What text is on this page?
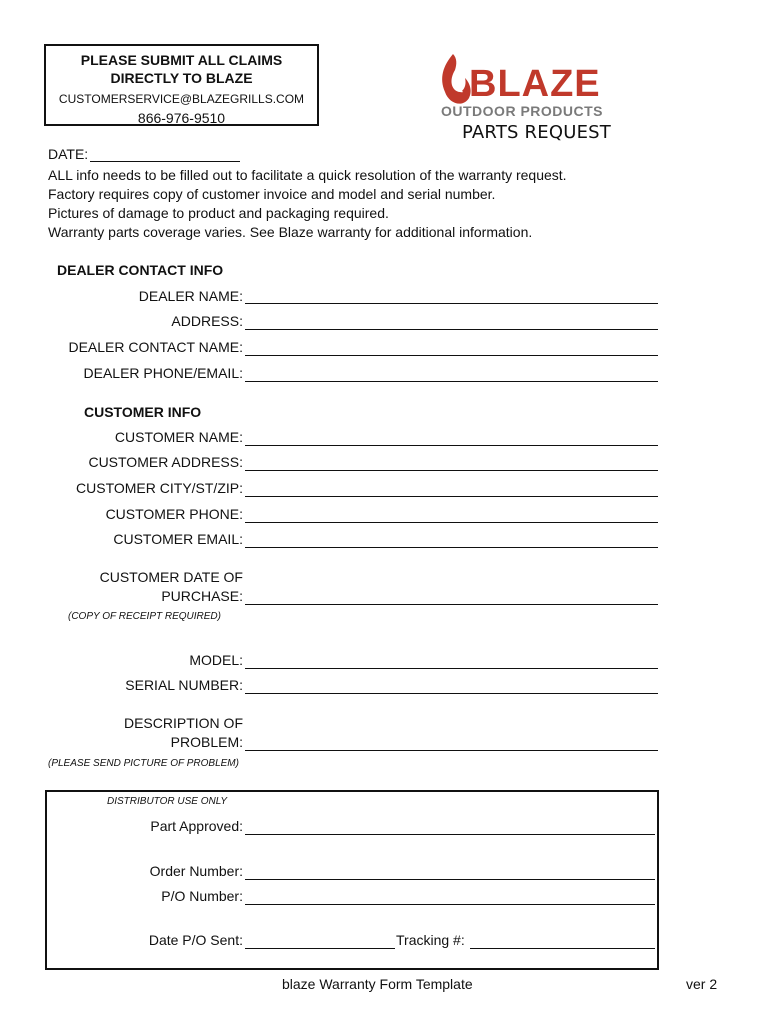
PLEASE SUBMIT ALL CLAIMS
DIRECTLY TO BLAZE
CUSTOMERSERVICE@BLAZEGRILLS.COM
866-976-9510
BLAZE
OUTDOOR PRODUCTS
PARTS REQUEST
DATE:
ALL info needs to be filled out to facilitate a quick resolution of the warranty request.
Factory requires copy of customer invoice and model and serial number.
Pictures of damage to product and packaging required.
Warranty parts coverage varies. See Blaze warranty for additional information.
DEALER CONTACT INFO
DEALER NAME:
ADDRESS:
DEALER CONTACT NAME:
DEALER PHONE/EMAIL:
CUSTOMER INFO
CUSTOMER NAME:
CUSTOMER ADDRESS:
CUSTOMER CITY/ST/ZIP:
CUSTOMER PHONE:
CUSTOMER EMAIL:
CUSTOMER DATE OF
PURCHASE:
(COPY OF RECEIPT REQUIRED)
MODEL:
SERIAL NUMBER:
DESCRIPTION OF
PROBLEM:
(PLEASE SEND PICTURE OF PROBLEM)
DISTRIBUTOR USE ONLY
Part Approved:
Order Number:
P/O Number:
Date P/O Sent:	Tracking #:
blaze Warranty Form Template	ver 2
